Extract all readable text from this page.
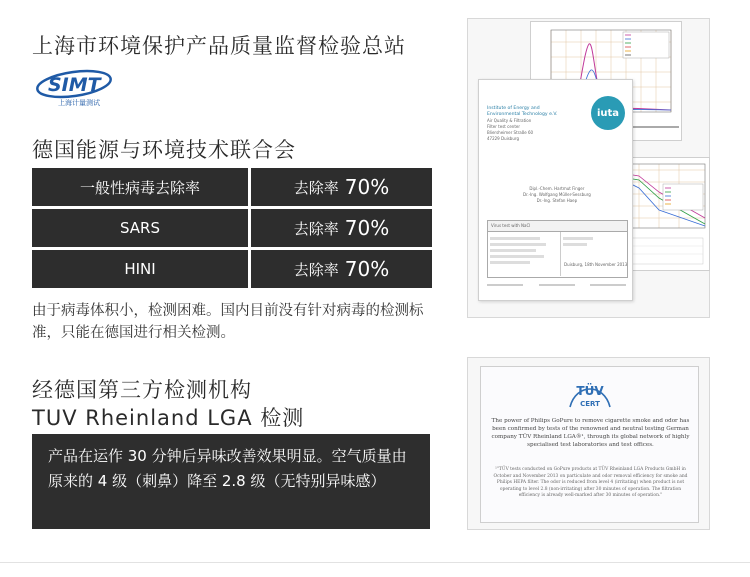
上海市环境保护产品质量监督检验总站
SIMT
上海计量测试
德国能源与环境技术联合会
一般性病毒去除率	去除率 70%
SARS	去除率 70%
HINI	去除率 70%
由于病毒体积小，检测困难。国内目前没有针对病毒的检测标准，只能在德国进行相关检测。
经德国第三方检测机构
TUV Rheinland LGA 检测
产品在运作 30 分钟后异味改善效果明显。空气质量由原来的 4 级（刺鼻）降至 2.8 级（无特别异味感）
iuta
Institute of Energy and
Environmental Technology e.V.
Air Quality & Filtration
Filter test center
Bliersheimer Straße 60
47229 Duisburg
Dipl.-Chem. Hartmut Finger
Dr.-Ing. Wolfgang Müller-Sessburg
Dr.-Ing. Stefan Haep
Virus test with NaCl
Duisburg, 18th November 2013
TÜV
CERT
The power of Philips GoPure to remove cigarette smoke and odor has been confirmed by tests of the renowned and neutral testing German company TÜV Rheinland LGA®¹, through its global network of highly specialised test laboratories and test offices.
¹"TÜV tests conducted on GoPure products at TÜV Rheinland LGA Products GmbH in October and November 2013 on particulate and odor removal efficiency for smoke and Philips HEPA filter. The odor is reduced from level 4 (irritating) when product is not operating to level 2.8 (non-irritating) after 30 minutes of operation. The filtration efficiency is already well-marked after 30 minutes of operation."
